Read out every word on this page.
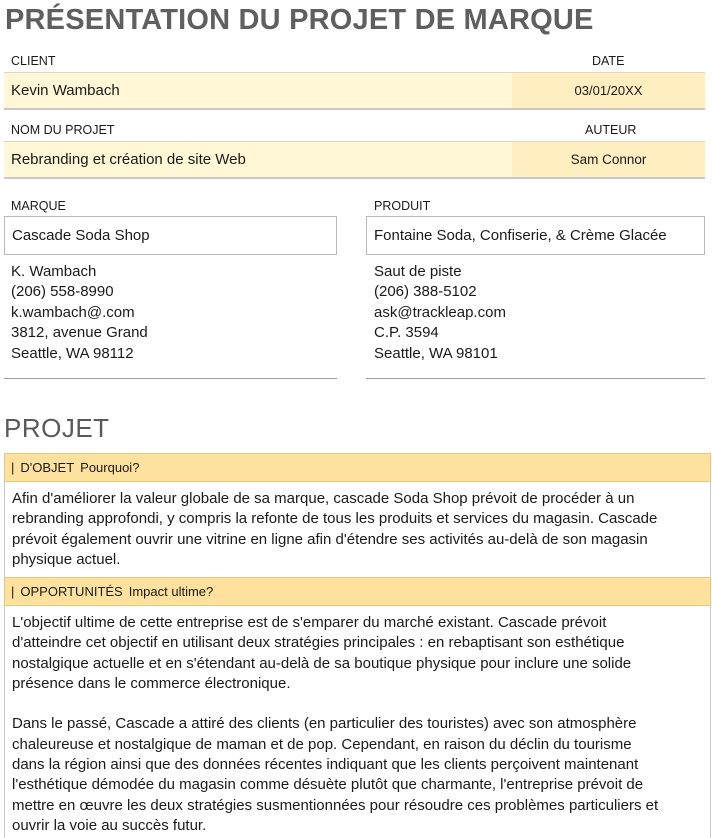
PRÉSENTATION DU PROJET DE MARQUE
CLIENT	DATE
Kevin Wambach	03/01/20XX
NOM DU PROJET	AUTEUR
Rebranding et création de site Web	Sam Connor
MARQUE	PRODUIT
Cascade Soda Shop	Fontaine Soda, Confiserie, & Crème Glacée
K. Wambach
(206) 558-8990
k.wambach@.com
3812, avenue Grand
Seattle, WA 98112
Saut de piste
(206) 388-5102
ask@trackleap.com
C.P. 3594
Seattle, WA 98101
PROJET
| D'OBJET Pourquoi?
Afin d'améliorer la valeur globale de sa marque, cascade Soda Shop prévoit de procéder à un
rebranding approfondi, y compris la refonte de tous les produits et services du magasin. Cascade
prévoit également ouvrir une vitrine en ligne afin d'étendre ses activités au-delà de son magasin
physique actuel.
| OPPORTUNITÉS Impact ultime?
L'objectif ultime de cette entreprise est de s'emparer du marché existant. Cascade prévoit
d'atteindre cet objectif en utilisant deux stratégies principales : en rebaptisant son esthétique
nostalgique actuelle et en s'étendant au-delà de sa boutique physique pour inclure une solide
présence dans le commerce électronique.
Dans le passé, Cascade a attiré des clients (en particulier des touristes) avec son atmosphère
chaleureuse et nostalgique de maman et de pop. Cependant, en raison du déclin du tourisme
dans la région ainsi que des données récentes indiquant que les clients perçoivent maintenant
l'esthétique démodée du magasin comme désuète plutôt que charmante, l'entreprise prévoit de
mettre en œuvre les deux stratégies susmentionnées pour résoudre ces problèmes particuliers et
ouvrir la voie au succès futur.
